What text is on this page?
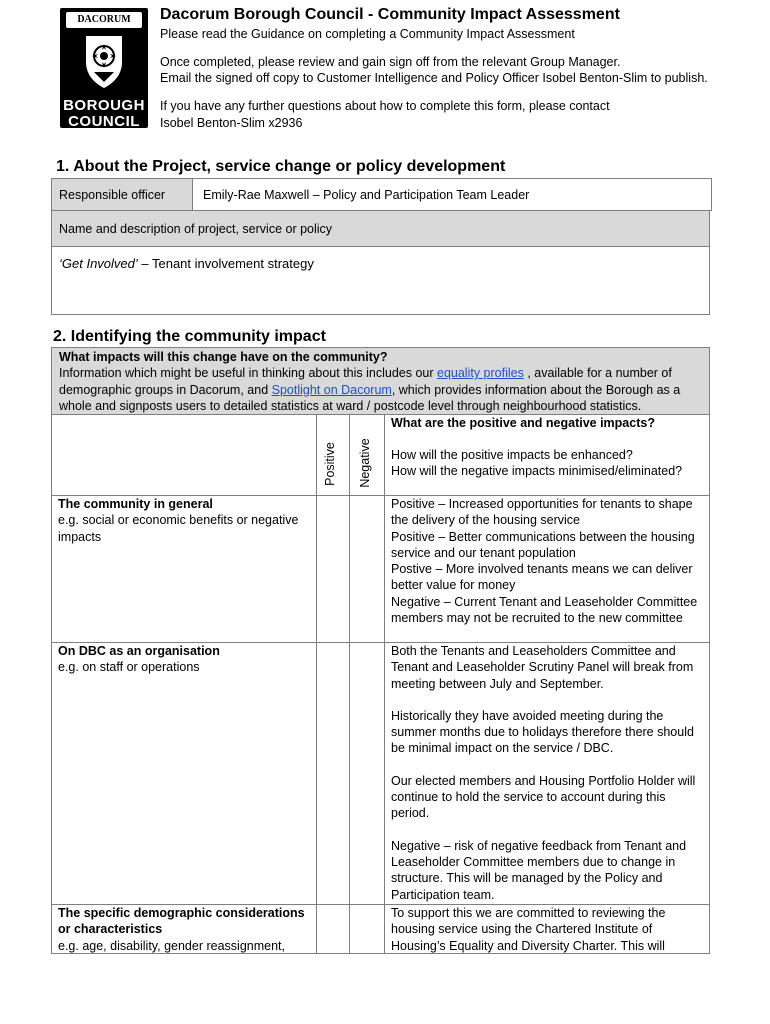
DACORUM
BOROUGH
COUNCIL
Dacorum Borough Council - Community Impact Assessment
Please read the Guidance on completing a Community Impact Assessment
Once completed, please review and gain sign off from the relevant Group Manager.
Email the signed off copy to Customer Intelligence and Policy Officer Isobel Benton-Slim to publish.
If you have any further questions about how to complete this form, please contact
Isobel Benton-Slim x2936
1. About the Project, service change or policy development
Responsible officer	Emily-Rae Maxwell – Policy and Participation Team Leader
Name and description of project, service or policy
‘Get Involved’ – Tenant involvement strategy
2. Identifying the community impact
What impacts will this change have on the community?
Information which might be useful in thinking about this includes our equality profiles , available for a number of demographic groups in Dacorum, and Spotlight on Dacorum, which provides information about the Borough as a whole and signposts users to detailed statistics at ward / postcode level through neighbourhood statistics.
Positive Negative
What are the positive and negative impacts?
How will the positive impacts be enhanced?
How will the negative impacts minimised/eliminated?
The community in general
e.g. social or economic benefits or negative impacts
Positive – Increased opportunities for tenants to shape the delivery of the housing service
Positive – Better communications between the housing service and our tenant population
Postive – More involved tenants means we can deliver better value for money
Negative – Current Tenant and Leaseholder Committee members may not be recruited to the new committee
On DBC as an organisation
e.g. on staff or operations

Both the Tenants and Leaseholders Committee and Tenant and Leaseholder Scrutiny Panel will break from meeting between July and September.

Historically they have avoided meeting during the summer months due to holidays therefore there should be minimal impact on the service / DBC.

Our elected members and Housing Portfolio Holder will continue to hold the service to account during this period.

Negative – risk of negative feedback from Tenant and Leaseholder Committee members due to change in structure. This will be managed by the Policy and Participation team.

The specific demographic considerations or characteristics
e.g. age, disability, gender reassignment,
To support this we are committed to reviewing the housing service using the Chartered Institute of Housing’s Equality and Diversity Charter. This will
